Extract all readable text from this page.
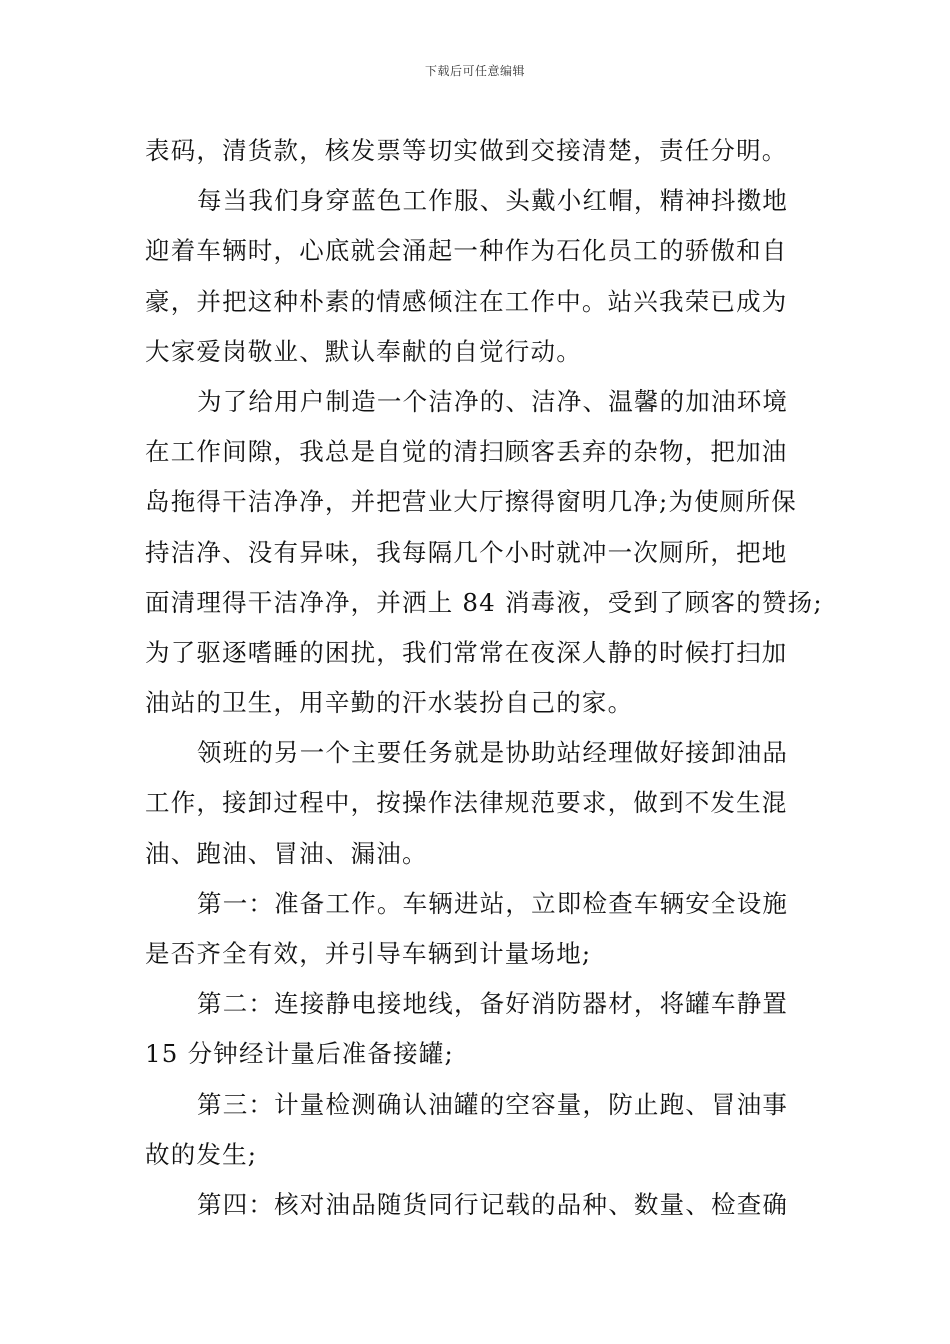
下载后可任意编辑
表码，清货款，核发票等切实做到交接清楚，责任分明。
每当我们身穿蓝色工作服、头戴小红帽，精神抖擞地
迎着车辆时，心底就会涌起一种作为石化员工的骄傲和自
豪，并把这种朴素的情感倾注在工作中。站兴我荣已成为
大家爱岗敬业、默认奉献的自觉行动。
为了给用户制造一个洁净的、洁净、温馨的加油环境
在工作间隙，我总是自觉的清扫顾客丢弃的杂物，把加油
岛拖得干洁净净，并把营业大厅擦得窗明几净;为使厕所保
持洁净、没有异味，我每隔几个小时就冲一次厕所，把地
面清理得干洁净净，并洒上 84 消毒液，受到了顾客的赞扬;
为了驱逐嗜睡的困扰，我们常常在夜深人静的时候打扫加
油站的卫生，用辛勤的汗水装扮自己的家。
领班的另一个主要任务就是协助站经理做好接卸油品
工作，接卸过程中，按操作法律规范要求，做到不发生混
油、跑油、冒油、漏油。
第一：准备工作。车辆进站，立即检查车辆安全设施
是否齐全有效，并引导车辆到计量场地;
第二：连接静电接地线，备好消防器材，将罐车静置
15 分钟经计量后准备接罐;
第三：计量检测确认油罐的空容量，防止跑、冒油事
故的发生;
第四：核对油品随货同行记载的品种、数量、检查确
